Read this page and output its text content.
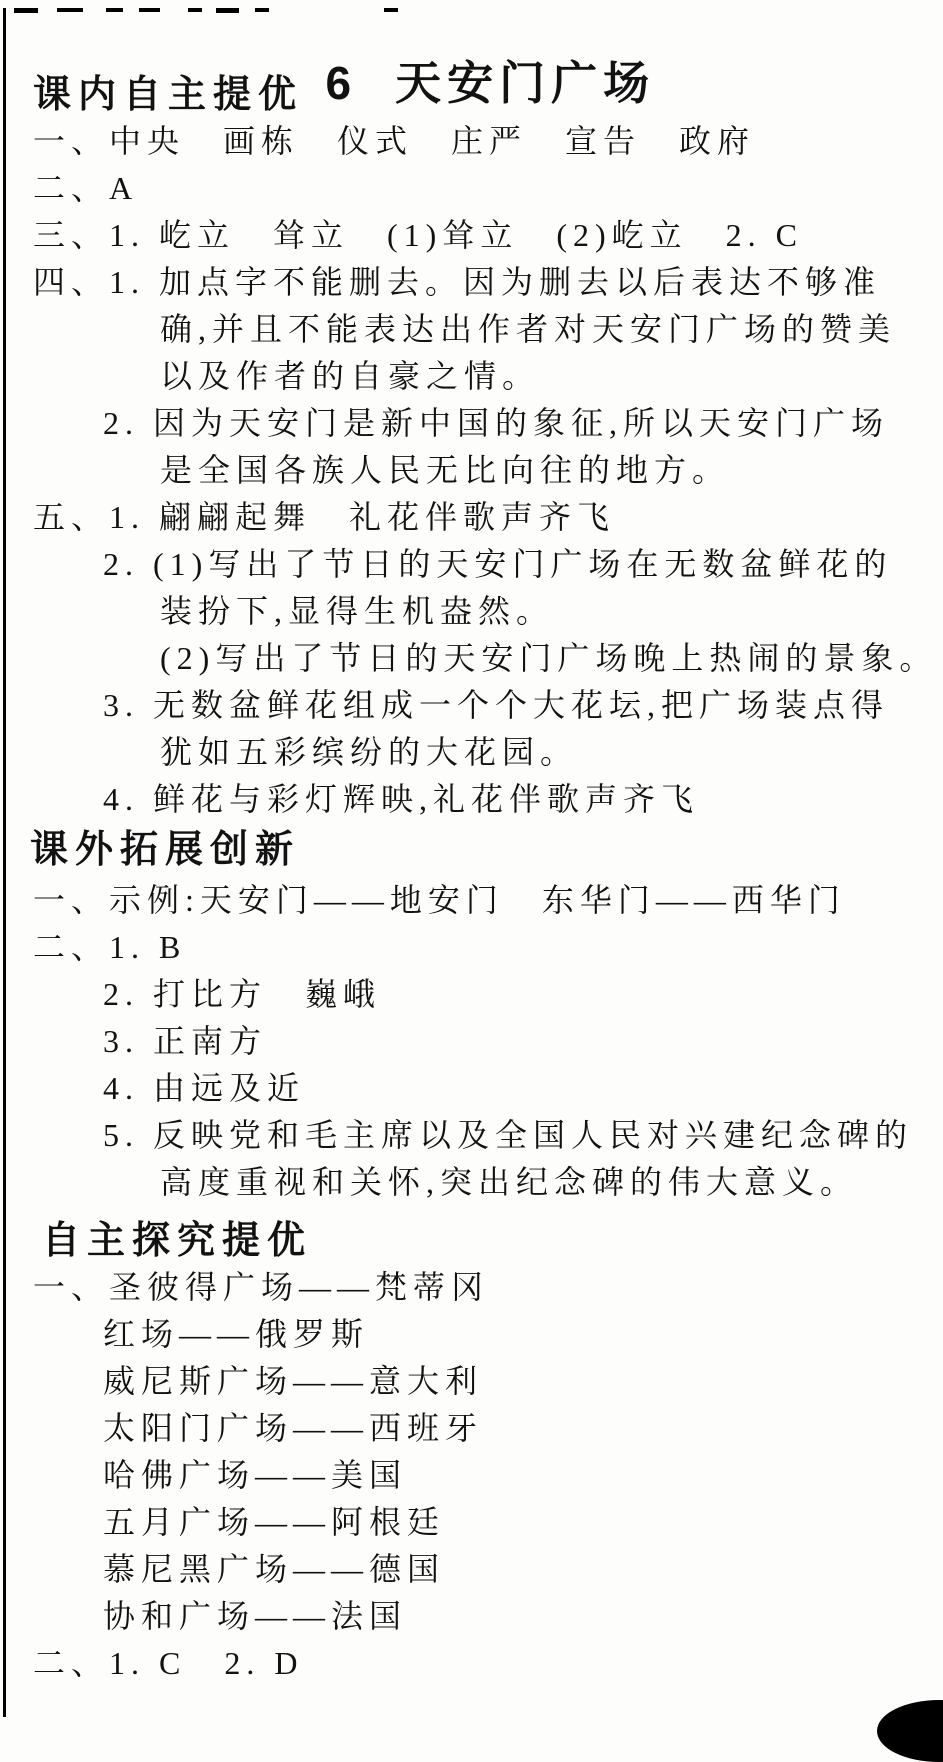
6 天安门广场

课内自主提优
一、中央　画栋　仪式　庄严　宣告　政府
二、A
三、1. 屹立　耸立　(1)耸立　(2)屹立　2. C
四、1. 加点字不能删去。因为删去以后表达不够准
确,并且不能表达出作者对天安门广场的赞美
以及作者的自豪之情。
2. 因为天安门是新中国的象征,所以天安门广场
是全国各族人民无比向往的地方。
五、1. 翩翩起舞　礼花伴歌声齐飞
2. (1)写出了节日的天安门广场在无数盆鲜花的
装扮下,显得生机盎然。
(2)写出了节日的天安门广场晚上热闹的景象。
3. 无数盆鲜花组成一个个大花坛,把广场装点得
犹如五彩缤纷的大花园。
4. 鲜花与彩灯辉映,礼花伴歌声齐飞
课外拓展创新
一、示例:天安门——地安门　东华门——西华门
二、1. B
2. 打比方　巍峨
3. 正南方
4. 由远及近
5. 反映党和毛主席以及全国人民对兴建纪念碑的
高度重视和关怀,突出纪念碑的伟大意义。
自主探究提优
一、圣彼得广场——梵蒂冈
红场——俄罗斯
威尼斯广场——意大利
太阳门广场——西班牙
哈佛广场——美国
五月广场——阿根廷
慕尼黑广场——德国
协和广场——法国
二、1. C　2. D
